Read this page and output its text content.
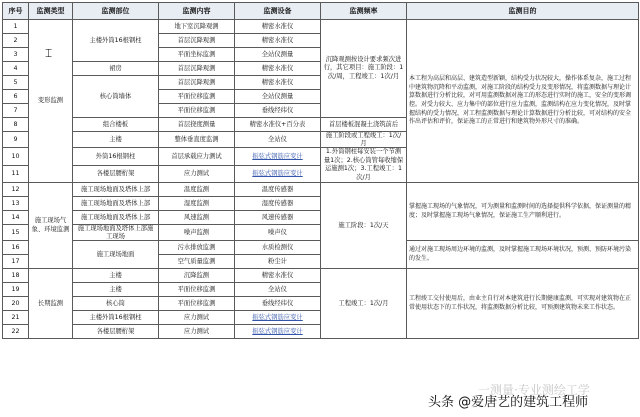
序号	监测类型	监测部位	监测内容	监测设备	监测频率	监测目的
1	变形监测	主楼外筒16根钢柱	地下室沉降观测	精密水准仪	沉降观测按设计要求频次进行，其它项目：施工阶段：1次/周，工程竣工：1次/月	本工程为高层和高层、建筑造型新颖，结构受力状况较大，操作体系复杂，施工过程中建筑物沉降和平动监测，对施工阶段的结构受力及变形情况，将监测数据与理论计算数据进行分析比较，对可用监测数据对施工的形态进行实时的施工，安全的变形调控。对受力较大、应力集中的部位进行应力监测，监测结构在应力变化情况，及时掌握结构的受力情况，对工程监测数据与理论计算数据进行分析比较，可对结构的安全作出评估和评价，保证施工的正常进行和建筑物外形尺寸的准确。
2			首层沉降观测	精密水准仪		
3			平面坐标监测	全站仪测量		
4		裙房	首层沉降观测	精密水准仪		
5		核心筒墙体	首层沉降观测	精密水准仪		
6			平面位移监测	全站仪测量		
7			平面位移监测	垂线经纬仪		
8		组合楼板	首层挠度测量	精密水准仪+百分表	首层楼板混凝土浇筑前后	
9		主楼	整体垂直度监测	全站仪	施工阶段或工程竣工：1次/月	
10		外筒16根钢柱	首层承载应力测试	振弦式钢筋应变计	1.外筒钢柱每安装一个节测量1次；2.核心筒管每收缩保运施测1次；3.工程竣工：1次/月	
11		各楼层腰桁架	应力测试	振弦式钢筋应变计		
12	施工现场气象、环境监测	施工现场地面及塔体上部	温度监测	温度传感器	施工阶段：1次/天	掌握施工现场的气象情况，可为测量和监测时间的选择提供科学依据，保证测量的精度；及时掌握施工现场气象情况，保证施工生产顺利进行。
13		施工现场地面及塔体上部	湿度监测	湿度传感器		
14		施工现场地面及塔体上部	风速监测	风速传感器		
15		施工现场地面及塔体上部施工现场	噪声监测	噪声仪		
16		施工现场地面	污水排放监测	水质检测仪		通过对施工现场周边环境的监测，及时掌握施工现场环境状况，预测、预防环境污染的发生。
17			空气质量监测	粉尘计		
18	长期监测	主楼	沉降监测	精密水准仪	工程竣工：1次/月	工程竣工交付使用后，由业主自行对本建筑进行长期健康监测，可实现对建筑物在正常使用状态下的工作状况，将监测数据分析比较，可预测建筑物未来工作状态。
19		主楼	平面位移监测	全站仪		
20		核心筒	平面位移监测	垂线经纬仪		
21		主楼外筒16根钢柱	应力测试	振弦式钢筋应变计		
22		各楼层腰桁架	应力测试	振弦式钢筋应变计		
⌶
一测量·专业测绘工学
头条 @爱唐艺的建筑工程师
